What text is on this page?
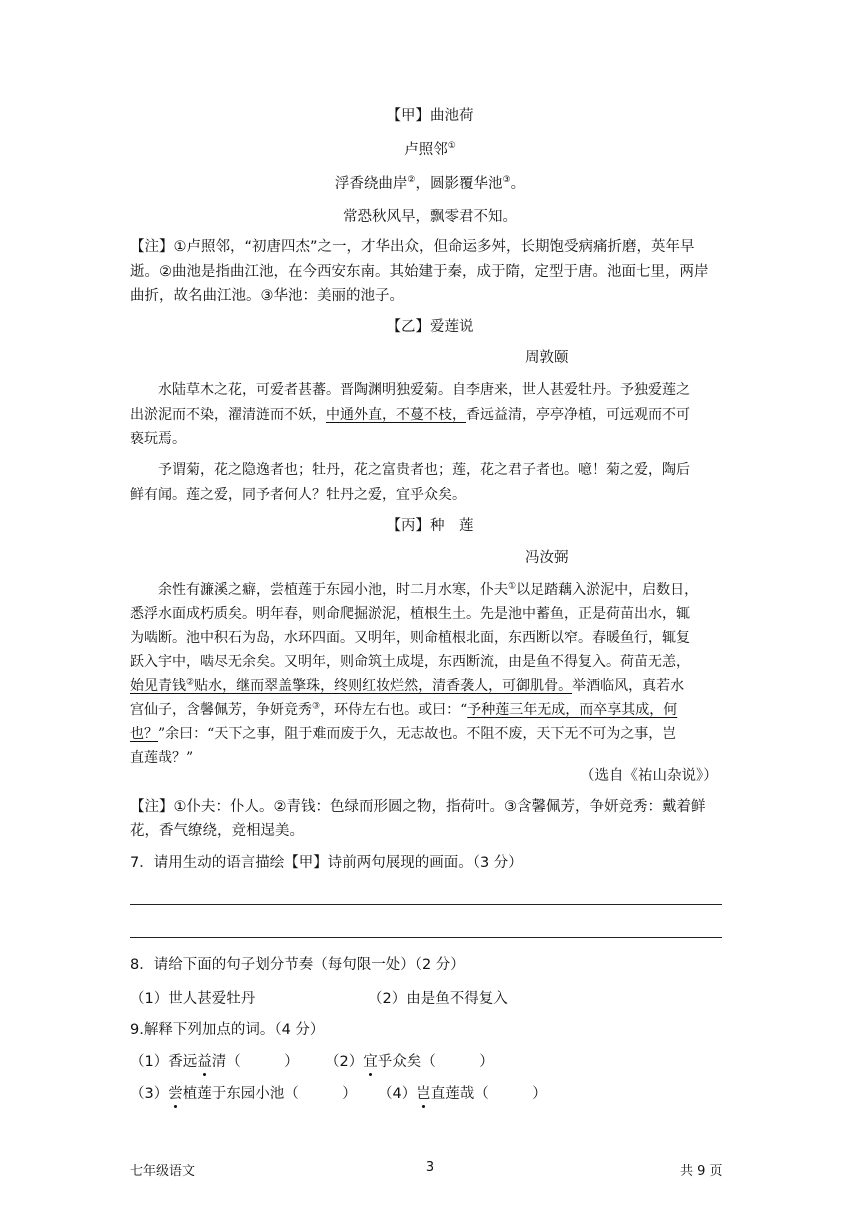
【甲】曲池荷
卢照邻①
浮香绕曲岸②，圆影覆华池③。
常恐秋风早，飘零君不知。
【注】①卢照邻，“初唐四杰”之一，才华出众，但命运多舛，长期饱受病痛折磨，英年早
逝。②曲池是指曲江池，在今西安东南。其始建于秦，成于隋，定型于唐。池面七里，两岸
曲折，故名曲江池。③华池：美丽的池子。
【乙】爱莲说
周敦颐
水陆草木之花，可爱者甚蕃。晋陶渊明独爱菊。自李唐来，世人甚爱牡丹。予独爱莲之
出淤泥而不染，濯清涟而不妖，中通外直，不蔓不枝，香远益清，亭亭净植，可远观而不可
亵玩焉。
予谓菊，花之隐逸者也；牡丹，花之富贵者也；莲，花之君子者也。噫！菊之爱，陶后
鲜有闻。莲之爱，同予者何人？牡丹之爱，宜乎众矣。
【丙】种　莲
冯汝弼
余性有濂溪之癖，尝植莲于东园小池，时二月水寒，仆夫①以足踏藕入淤泥中，启数日，
悉浮水面成朽质矣。明年春，则命爬掘淤泥，植根生土。先是池中蓄鱼，正是荷苗出水，辄
为啮断。池中积石为岛，水环四面。又明年，则命植根北面，东西断以窄。春暖鱼行，辄复
跃入宇中，啮尽无余矣。又明年，则命筑土成堤，东西断流，由是鱼不得复入。荷苗无恙，
始见青钱②贴水，继而翠盖擎珠，终则红妆烂然，清香袭人，可御肌骨。举酒临风，真若水
宫仙子，含馨佩芳，争妍竞秀③，环侍左右也。或曰：“予种莲三年无成，而卒享其成，何
也？”余曰：“天下之事，阻于难而废于久，无志故也。不阻不废，天下无不可为之事，岂
直莲哉？”
（选自《祐山杂说》）
【注】①仆夫：仆人。②青钱：色绿而形圆之物，指荷叶。③含馨佩芳，争妍竞秀：戴着鲜
花，香气缭绕，竞相逞美。
7．请用生动的语言描绘【甲】诗前两句展现的画面。（3 分）
8．请给下面的句子划分节奏（每句限一处）（2 分）
（1）世人甚爱牡丹	（2）由是鱼不得复入
9.解释下列加点的词。（4 分）
（1）香远益清（　　　） （2）宜乎众矣（　　　）
（3）尝植莲于东园小池（　　　） （4）岂直莲哉（　　　）
七年级语文	3	共 9 页
